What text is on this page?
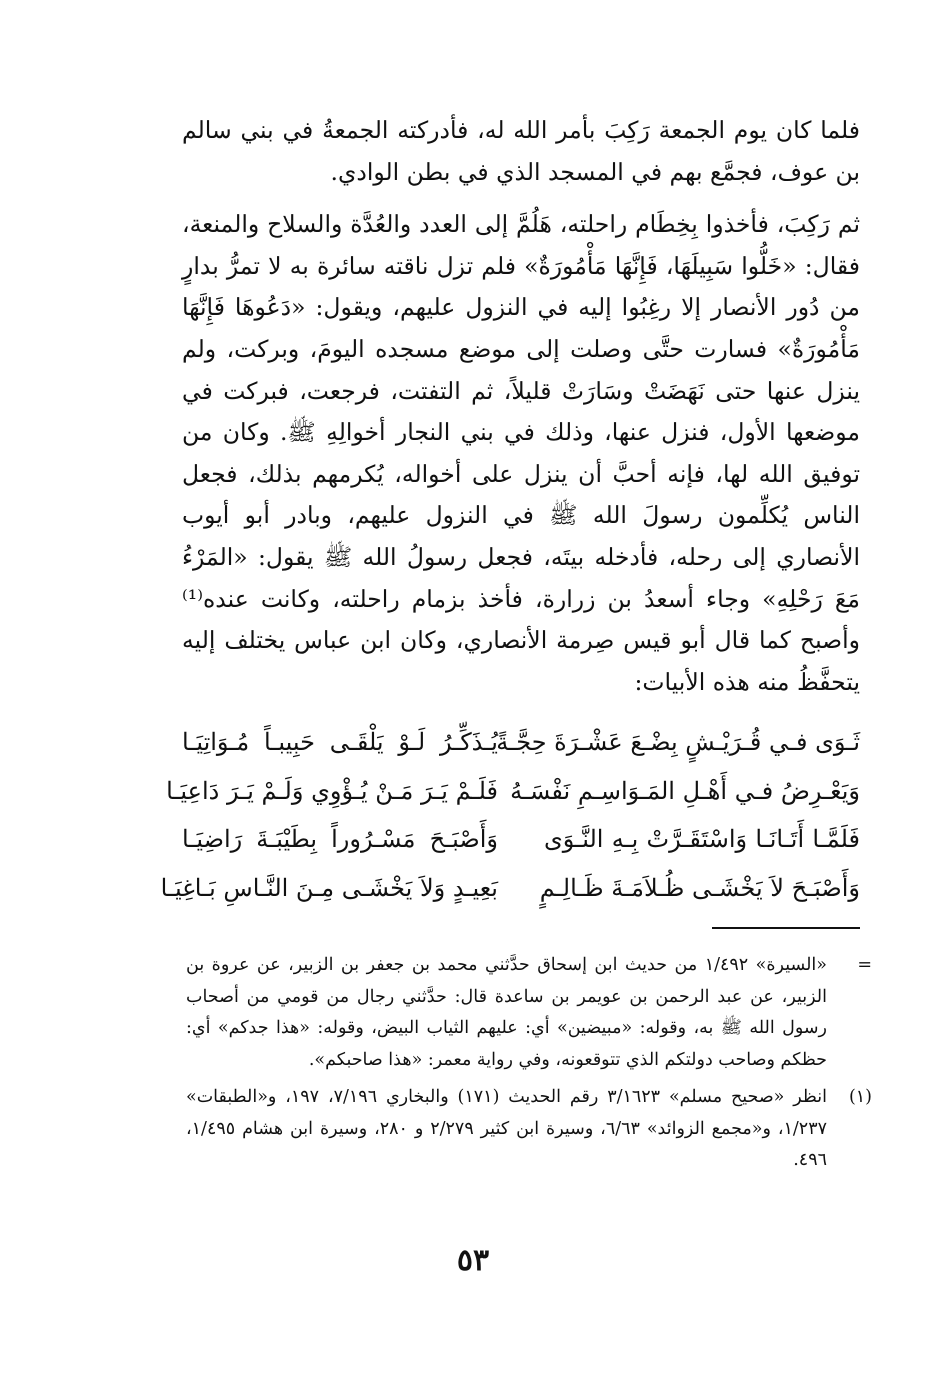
فلما كان يوم الجمعة رَكِبَ بأمر الله له، فأدركته الجمعةُ في بني سالم بن عوف، فجمَّع بهم في المسجد الذي في بطن الوادي.

ثم رَكِبَ، فأخذوا بِخِطَام راحلته، هَلُمَّ إلى العدد والعُدَّة والسلاح والمنعة، فقال: «خَلُّوا سَبِيلَهَا، فَإِنَّهَا مَأْمُورَةٌ» فلم تزل ناقته سائرة به لا تمرُّ بدارٍ من دُور الأنصار إلا رغِبُوا إليه في النزول عليهم، ويقول: «دَعُوهَا فَإِنَّهَا مَأْمُورَةٌ» فسارت حتَّى وصلت إلى موضع مسجده اليومَ، وبركت، ولم ينزل عنها حتى نَهَضَتْ وسَارَتْ قليلاً، ثم التفتت، فرجعت، فبركت في موضعها الأول، فنزل عنها، وذلك في بني النجار أخوالِهِ ﷺ. وكان من توفيق الله لها، فإنه أحبَّ أن ينزل على أخواله، يُكرمهم بذلك، فجعل الناس يُكلِّمون رسولَ الله ﷺ في النزول عليهم، وبادر أبو أيوب الأنصاري إلى رحله، فأدخله بيتَه، فجعل رسولُ الله ﷺ يقول: «المَرْءُ مَعَ رَحْلِهِ» وجاء أسعدُ بن زرارة، فأخذ بزمام راحلته، وكانت عنده⁽¹⁾ وأصبح كما قال أبو قيس صِرمة الأنصاري، وكان ابن عباس يختلف إليه يتحفَّظُ منه هذه الأبيات:

ثَـوَى فـي قُـرَيْـشٍ بِضْـعَ عَشْـرَةَ حِجَّـةً
يُـذَكِّـرُ لَـوْ يَلْقَـى حَبِيبـاً مُـوَاتِيَـا
وَيَعْـرِضُ فـي أَهْـلِ المَـوَاسِـمِ نَفْسَـهُ
فَلَـمْ يَـرَ مَـنْ يُـؤْوِي وَلَـمْ يَـرَ دَاعِيَـا
فَلَمَّـا أَتَـانَـا وَاسْتَقَـرَّتْ بِـهِ النَّـوَى
وَأَصْبَـحَ مَسْـرُوراً بِطَيْبَـةَ رَاضِيَـا
وَأَصْبَـحَ لاَ يَخْشَـى ظُـلاَمَـةَ ظَـالِـمٍ
بَعِيـدٍ وَلاَ يَخْشَـى مِـنَ النَّـاسِ بَـاغِيَـا
=
«السيرة» ١/٤٩٢ من حديث ابن إسحاق حدَّثني محمد بن جعفر بن الزبير، عن عروة بن الزبير، عن عبد الرحمن بن عويمر بن ساعدة قال: حدَّثني رجال من قومي من أصحاب رسول الله ﷺ به، وقوله: «مبيضين» أي: عليهم الثياب البيض، وقوله: «هذا جدكم» أي: حظكم وصاحب دولتكم الذي تتوقعونه، وفي رواية معمر: «هذا صاحبكم».
(١)
انظر «صحيح مسلم» ٣/١٦٢٣ رقم الحديث (١٧١) والبخاري ٧/١٩٦، ١٩٧، و«الطبقات» ١/٢٣٧، و«مجمع الزوائد» ٦/٦٣، وسيرة ابن كثير ٢/٢٧٩ و ٢٨٠، وسيرة ابن هشام ١/٤٩٥، ٤٩٦.
٥٣
